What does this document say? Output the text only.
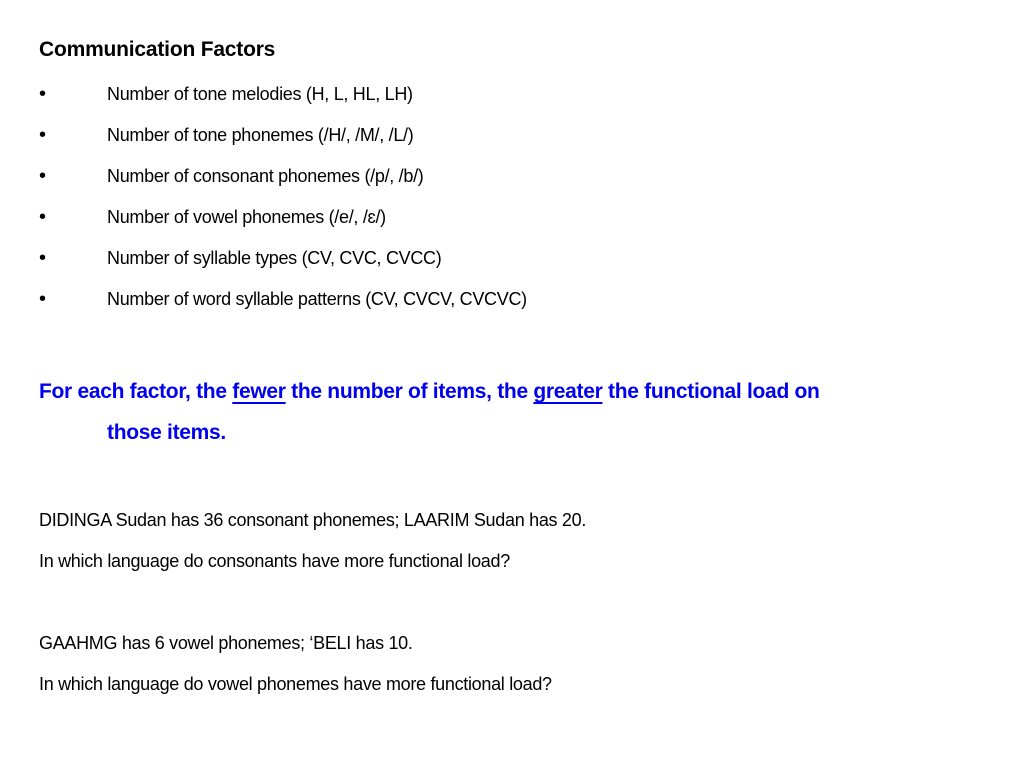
Communication Factors
•	Number of tone melodies (H, L, HL, LH)
•	Number of tone phonemes (/H/, /M/, /L/)
•	Number of consonant phonemes (/p/, /b/)
•	Number of vowel phonemes (/e/, /ɛ/)
•	Number of syllable types (CV, CVC, CVCC)
•	Number of word syllable patterns (CV, CVCV, CVCVC)
For each factor, the fewer the number of items, the greater the functional load on
those items.
DIDINGA Sudan has 36 consonant phonemes; LAARIM Sudan has 20.
In which language do consonants have more functional load?
GAAHMG has 6 vowel phonemes; ‘BELI has 10.
In which language do vowel phonemes have more functional load?
